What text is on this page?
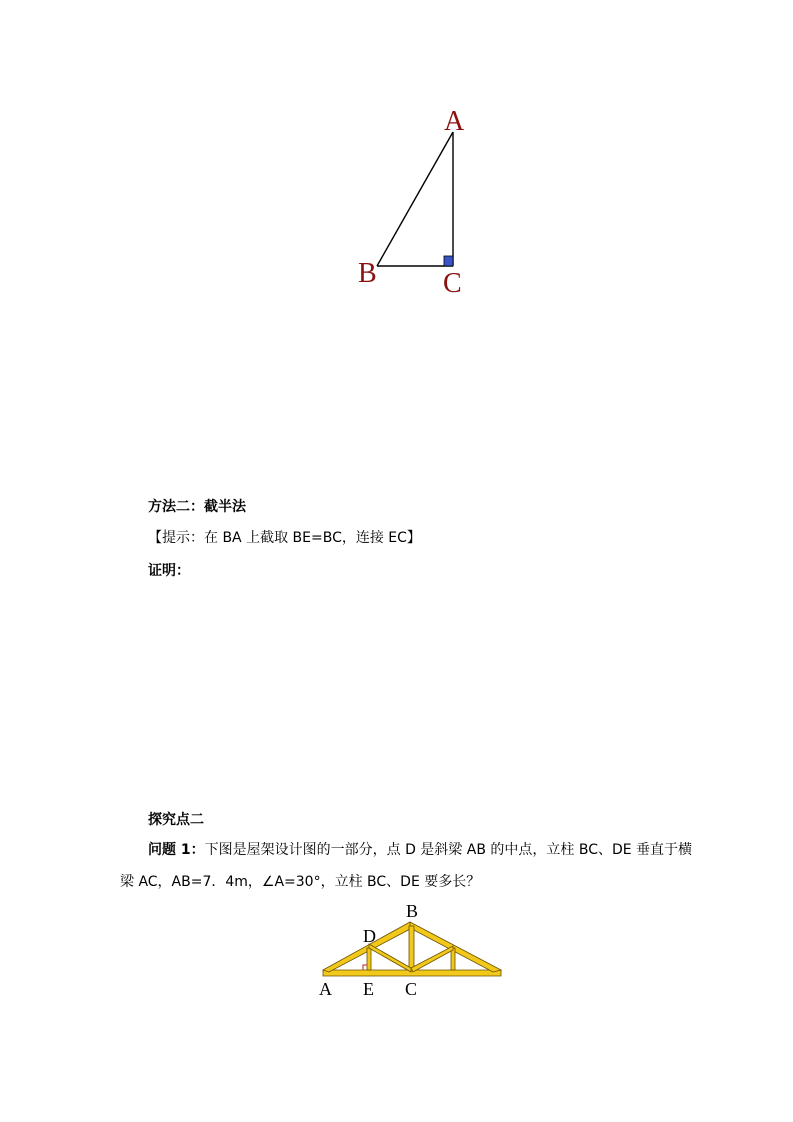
A
B C
方法二：截半法
【提示：在 BA 上截取 BE=BC，连接 EC】
证明：
探究点二
问题 1：下图是屋架设计图的一部分，点 D 是斜梁 AB 的中点，立柱 BC、DE 垂直于横
梁 AC，AB=7．4m，∠A=30°，立柱 BC、DE 要多长？
B
D
A E C
